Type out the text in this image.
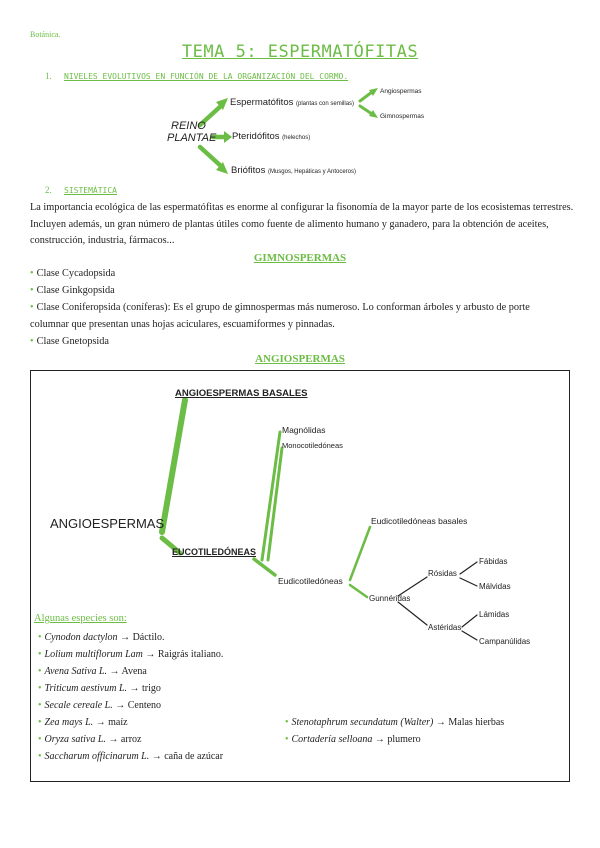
Botánica.
TEMA 5: ESPERMATÓFITAS
1. NIVELES EVOLUTIVOS EN FUNCIÓN DE LA ORGANIZACIÓN DEL CORMO.
REINO
PLANTAE
Espermatófitos (plantas con semillas)
Pteridófitos (helechos)
Briófitos (Musgos, Hepáticas y Antoceros)
Angiospermas
Gimnospermas
2. SISTEMÁTICA
La importancia ecológica de las espermatófitas es enorme al configurar la fisonomía de la mayor parte de los ecosistemas terrestres.
Incluyen además, un gran número de plantas útiles como fuente de alimento humano y ganadero, para la obtención de aceites,
construcción, industria, fármacos...
GIMNOSPERMAS
• Clase Cycadopsida
• Clase Ginkgopsida
• Clase Coniferopsida (coníferas): Es el grupo de gimnospermas más numeroso. Lo conforman árboles y arbusto de porte
columnar que presentan unas hojas aciculares, escuamiformes y pinnadas.
• Clase Gnetopsida
ANGIOSPERMAS
ANGIOESPERMAS
ANGIOESPERMAS BASALES
EUCOTILEDÓNEAS
Magnólidas
Monocotiledóneas
Eudicotiledóneas
Eudicotiledóneas basales
Gunnéridas
Rósidas
Fábidas
Málvidas
Astéridas
Lámidas
Campanúlidas
Algunas especies son:
• Cynodon dactylon → Dáctilo.
• Lolium multiflorum Lam → Raigrás italiano.
• Avena Sativa L. → Avena
• Triticum aestivum L. → trigo
• Secale cereale L. → Centeno
• Zea mays L. → maíz
• Oryza sativa L. → arroz
• Saccharum officinarum L. → caña de azúcar
• Stenotaphrum secundatum (Walter) → Malas hierbas
• Cortadería selloana → plumero
